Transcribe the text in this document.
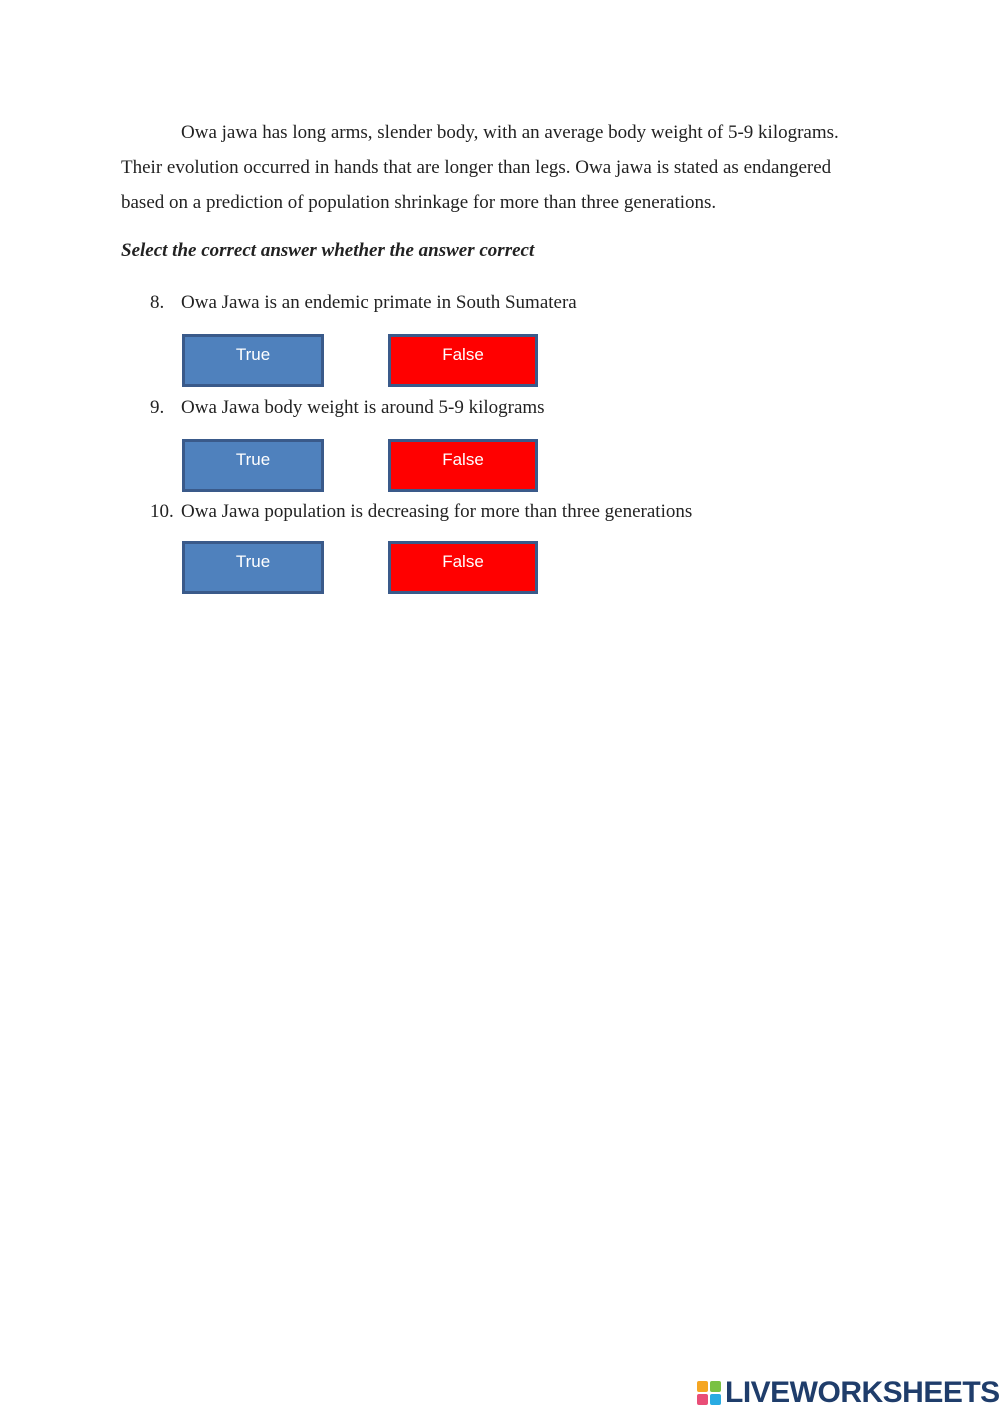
Owa jawa has long arms, slender body, with an average body weight of 5-9 kilograms.
Their evolution occurred in hands that are longer than legs. Owa jawa is stated as endangered
based on a prediction of population shrinkage for more than three generations.

Select the correct answer whether the answer correct

8. Owa Jawa is an endemic primate in South Sumatera
True	False
9. Owa Jawa body weight is around 5-9 kilograms
True	False
10. Owa Jawa population is decreasing for more than three generations
True	False
LIVEWORKSHEETS
